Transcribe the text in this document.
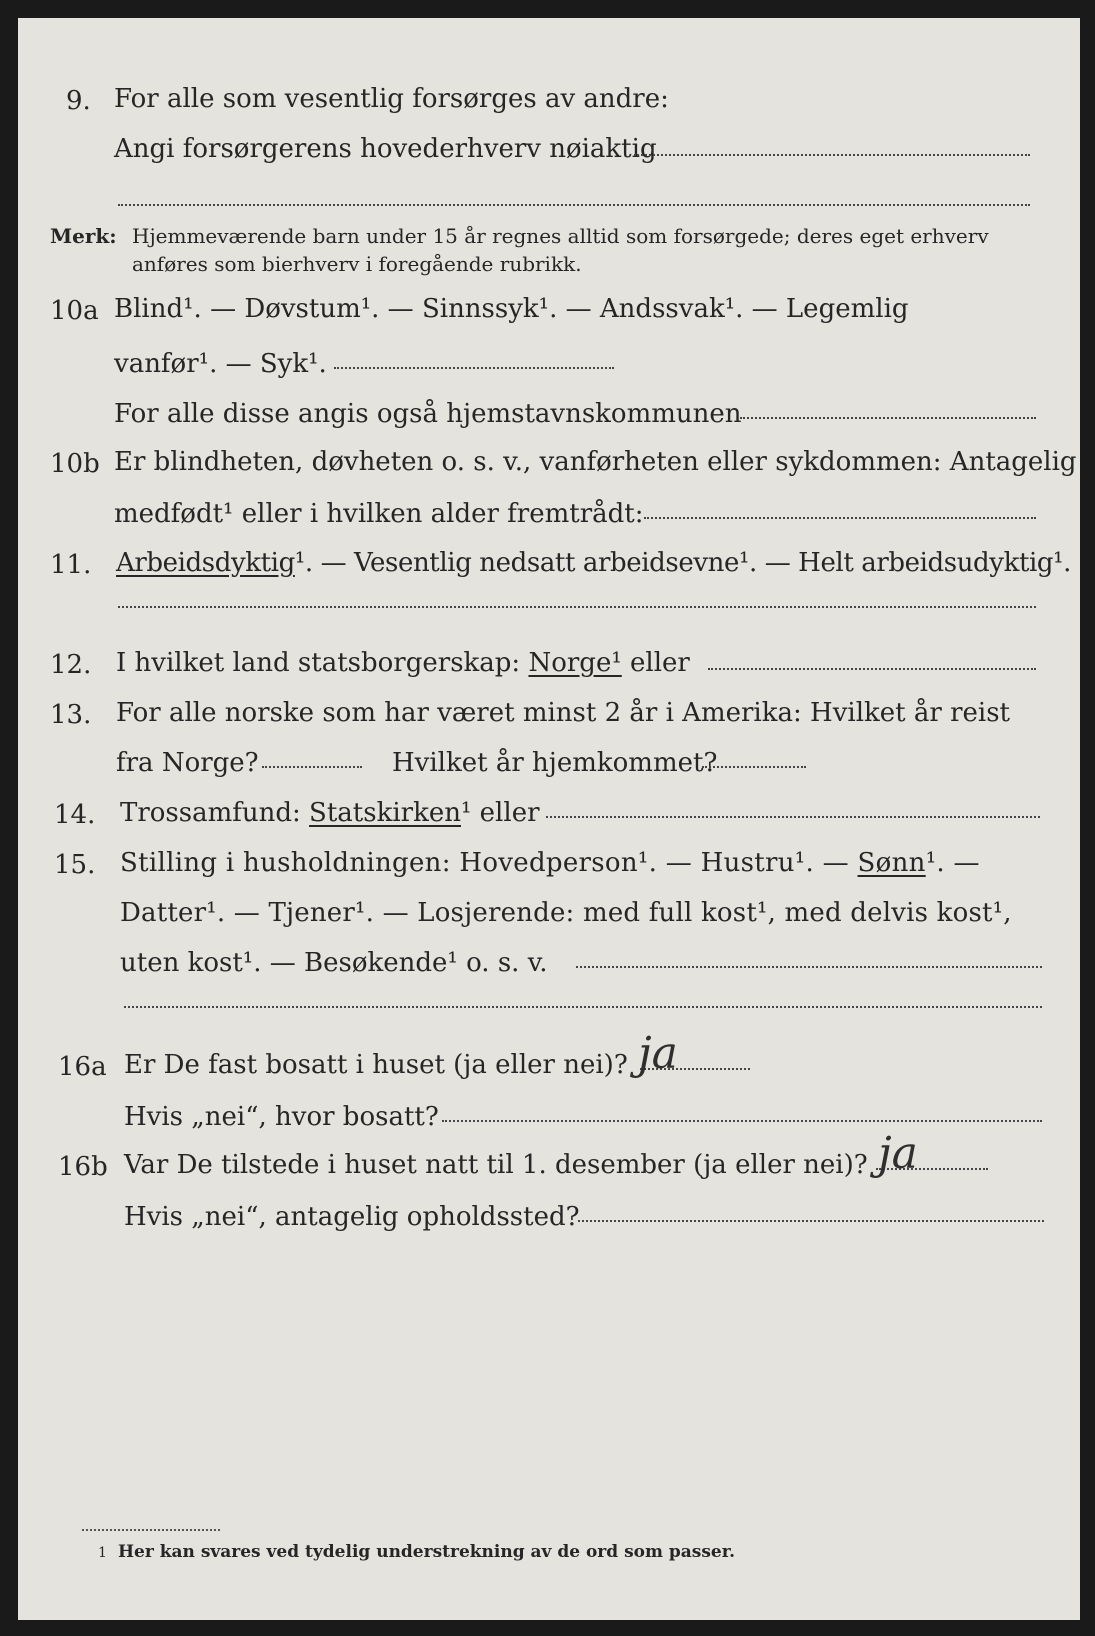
9. For alle som vesentlig forsørges av andre:
Angi forsørgerens hovederhverv nøiaktig
Merk: Hjemmeværende barn under 15 år regnes alltid som forsørgede; deres eget erhverv
anføres som bierhverv i foregående rubrikk.
10a Blind¹. — Døvstum¹. — Sinnssyk¹. — Andssvak¹. — Legemlig
vanfør¹. — Syk¹.
For alle disse angis også hjemstavnskommunen
10b Er blindheten, døvheten o. s. v., vanførheten eller sykdommen: Antagelig
medfødt¹ eller i hvilken alder fremtrådt:
11. Arbeidsdyktig¹. — Vesentlig nedsatt arbeidsevne¹. — Helt arbeidsudyktig¹.
12. I hvilket land statsborgerskap: Norge¹ eller
13. For alle norske som har været minst 2 år i Amerika: Hvilket år reist
fra Norge?	Hvilket år hjemkommet?
14. Trossamfund: Statskirken¹ eller
15. Stilling i husholdningen: Hovedperson¹. — Hustru¹. — Sønn¹. —
Datter¹. — Tjener¹. — Losjerende: med full kost¹, med delvis kost¹,
uten kost¹. — Besøkende¹ o. s. v.
16a Er De fast bosatt i huset (ja eller nei)? ja
Hvis „nei“, hvor bosatt?
16b Var De tilstede i huset natt til 1. desember (ja eller nei)? ja
Hvis „nei“, antagelig opholdssted?
1 Her kan svares ved tydelig understrekning av de ord som passer.
